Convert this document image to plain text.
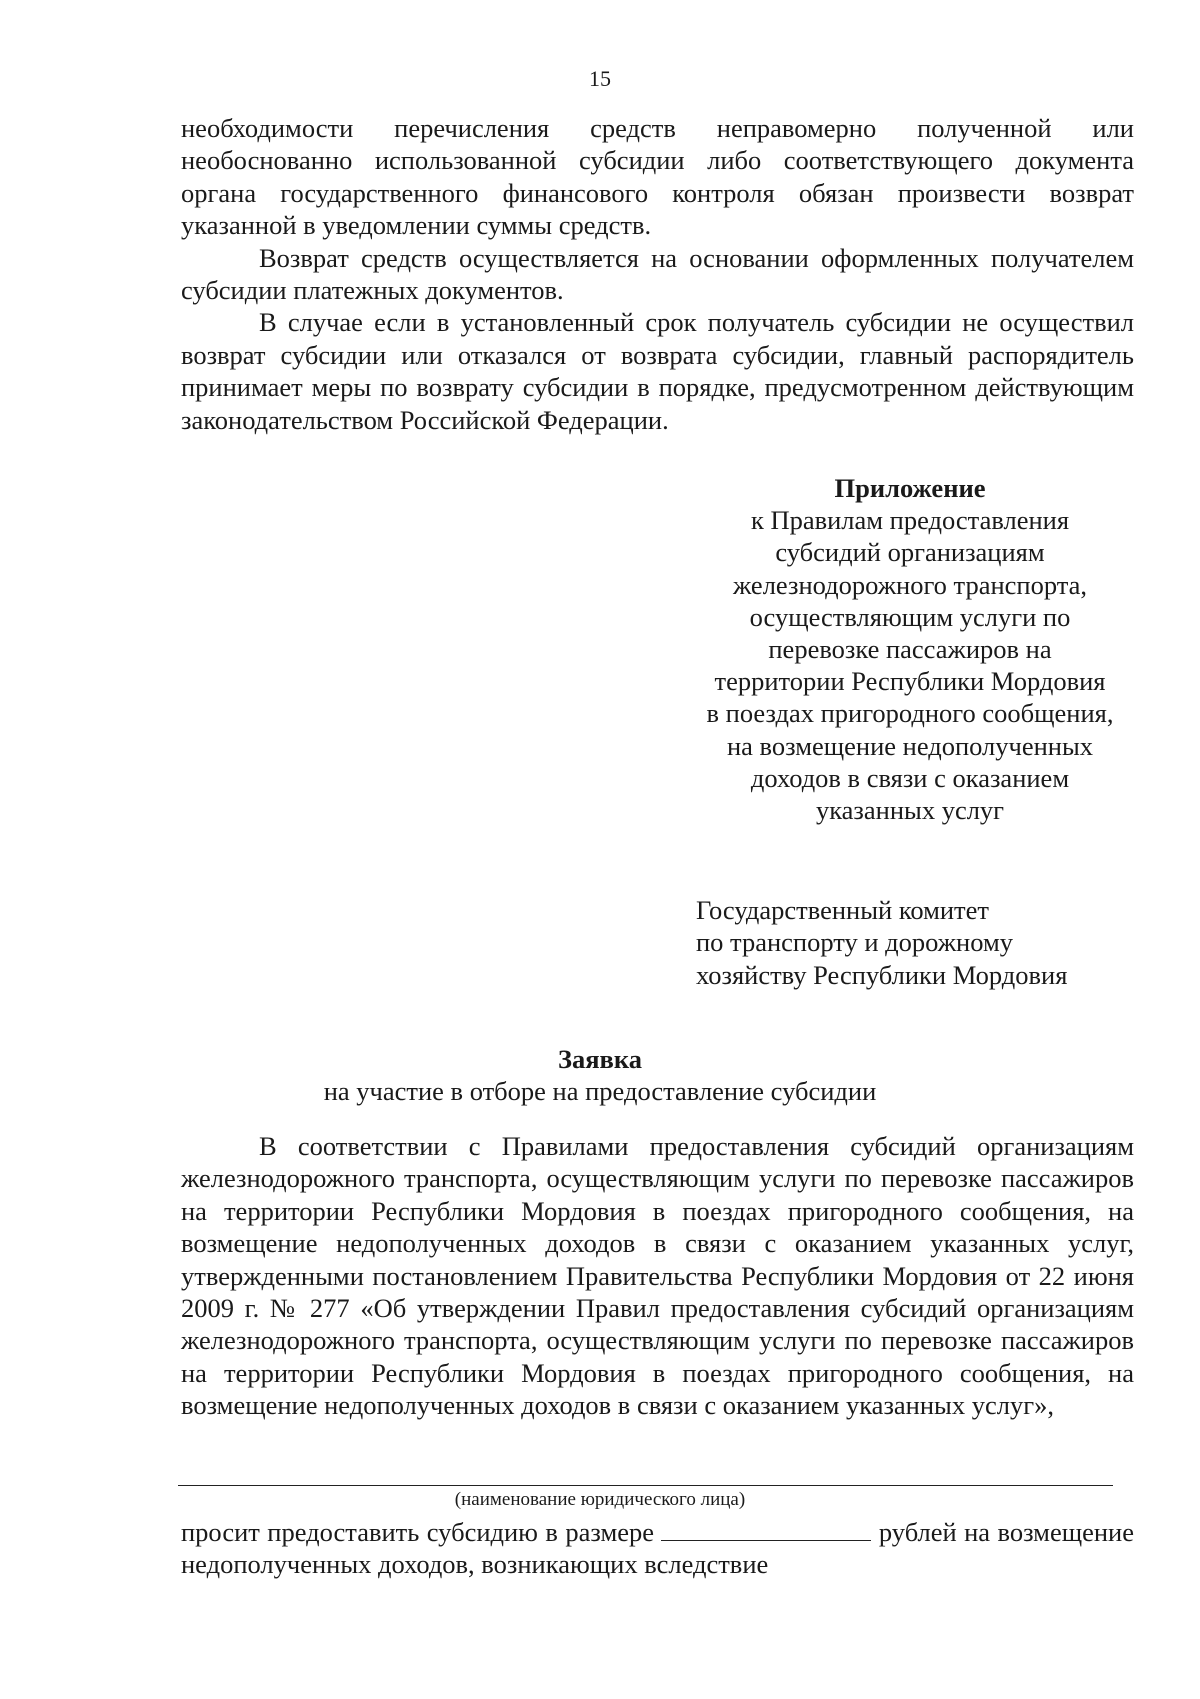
15

необходимости перечисления средств неправомерно полученной или необоснованно использованной субсидии либо соответствующего документа органа государственного финансового контроля обязан произвести возврат указанной в уведомлении суммы средств.

Возврат средств осуществляется на основании оформленных получателем субсидии платежных документов.

В случае если в установленный срок получатель субсидии не осуществил возврат субсидии или отказался от возврата субсидии, главный распорядитель принимает меры по возврату субсидии в порядке, предусмотренном действующим законодательством Российской Федерации.

Приложение
к Правилам предоставления
субсидий организациям
железнодорожного транспорта,
осуществляющим услуги по
перевозке пассажиров на
территории Республики Мордовия
в поездах пригородного сообщения,
на возмещение недополученных
доходов в связи с оказанием
указанных услуг
Государственный комитет
по транспорту и дорожному
хозяйству Республики Мордовия
Заявка
на участие в отборе на предоставление субсидии

В соответствии с Правилами предоставления субсидий организациям железнодорожного транспорта, осуществляющим услуги по перевозке пассажиров на территории Республики Мордовия в поездах пригородного сообщения, на возмещение недополученных доходов в связи с оказанием указанных услуг, утвержденными постановлением Правительства Республики Мордовия от 22 июня 2009 г. № 277 «Об утверждении Правил предоставления субсидий организациям железнодорожного транспорта, осуществляющим услуги по перевозке пассажиров на территории Республики Мордовия в поездах пригородного сообщения, на возмещение недополученных доходов в связи с оказанием указанных услуг»,

(наименование юридического лица)

просит предоставить субсидию в размере	рублей на возмещение недополученных доходов, возникающих вследствие
